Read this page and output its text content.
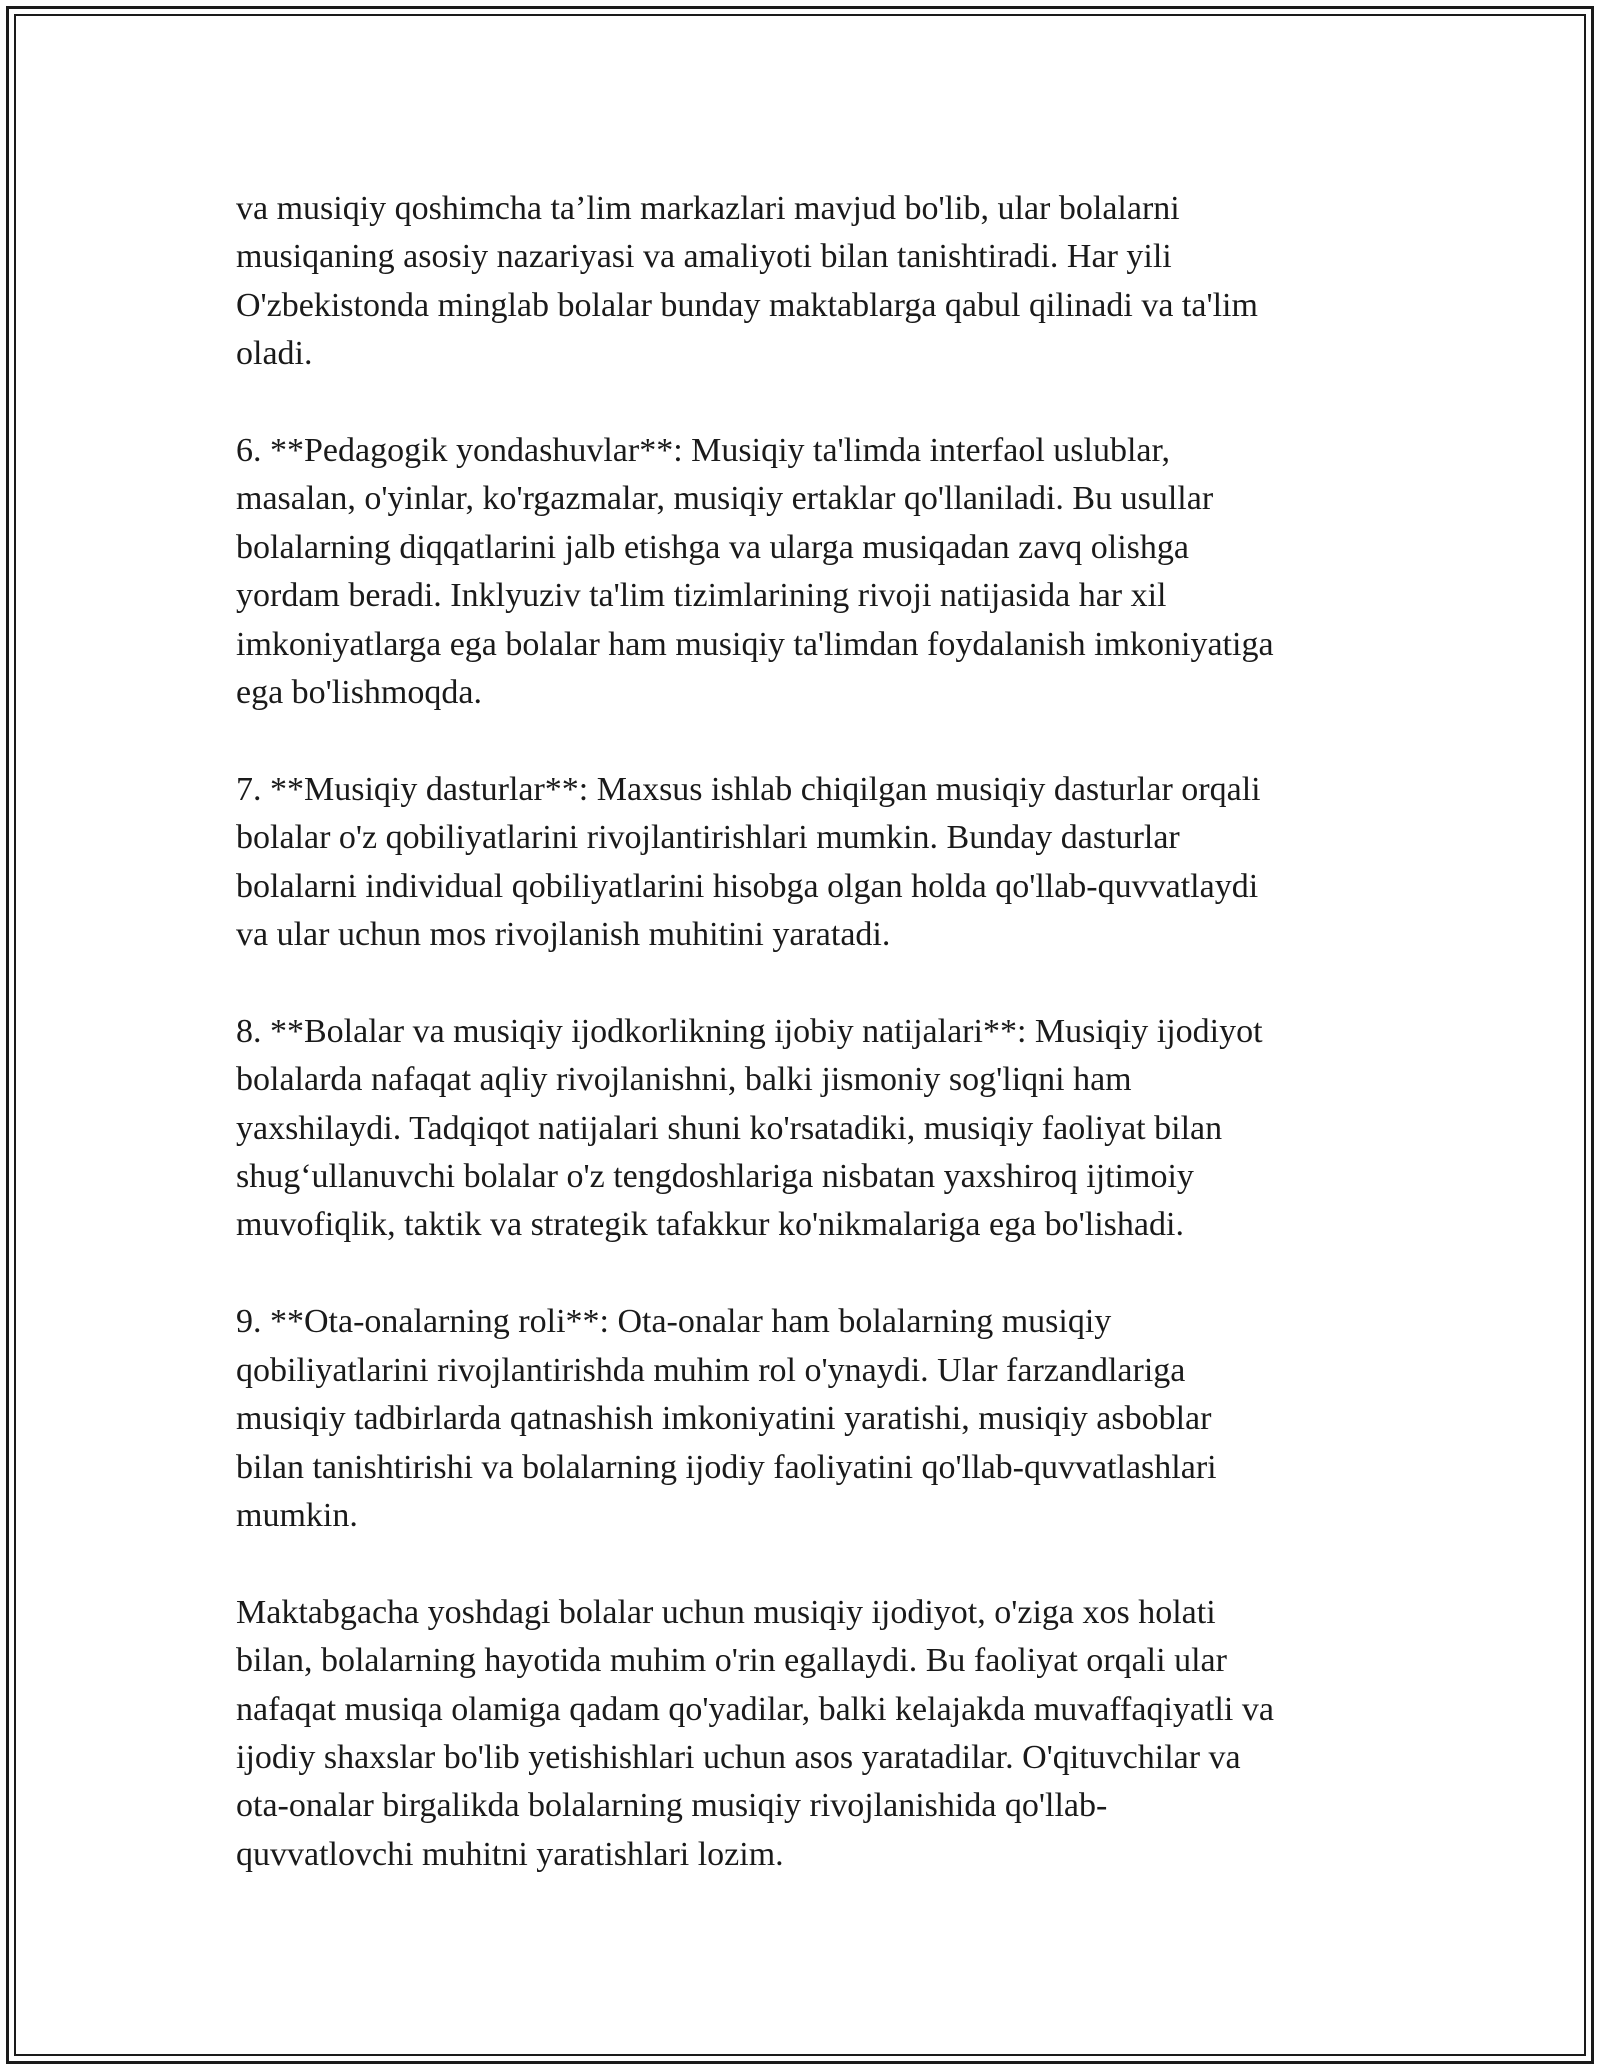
va musiqiy qoshimcha ta’lim markazlari mavjud bo'lib, ular bolalarni
musiqaning asosiy nazariyasi va amaliyoti bilan tanishtiradi. Har yili
O'zbekistonda minglab bolalar bunday maktablarga qabul qilinadi va ta'lim
oladi.

6. **Pedagogik yondashuvlar**: Musiqiy ta'limda interfaol uslublar,
masalan, o'yinlar, ko'rgazmalar, musiqiy ertaklar qo'llaniladi. Bu usullar
bolalarning diqqatlarini jalb etishga va ularga musiqadan zavq olishga
yordam beradi. Inklyuziv ta'lim tizimlarining rivoji natijasida har xil
imkoniyatlarga ega bolalar ham musiqiy ta'limdan foydalanish imkoniyatiga
ega bo'lishmoqda.

7. **Musiqiy dasturlar**: Maxsus ishlab chiqilgan musiqiy dasturlar orqali
bolalar o'z qobiliyatlarini rivojlantirishlari mumkin. Bunday dasturlar
bolalarni individual qobiliyatlarini hisobga olgan holda qo'llab-quvvatlaydi
va ular uchun mos rivojlanish muhitini yaratadi.

8. **Bolalar va musiqiy ijodkorlikning ijobiy natijalari**: Musiqiy ijodiyot
bolalarda nafaqat aqliy rivojlanishni, balki jismoniy sog'liqni ham
yaxshilaydi. Tadqiqot natijalari shuni ko'rsatadiki, musiqiy faoliyat bilan
shug‘ullanuvchi bolalar o'z tengdoshlariga nisbatan yaxshiroq ijtimoiy
muvofiqlik, taktik va strategik tafakkur ko'nikmalariga ega bo'lishadi.

9. **Ota-onalarning roli**: Ota-onalar ham bolalarning musiqiy
qobiliyatlarini rivojlantirishda muhim rol o'ynaydi. Ular farzandlariga
musiqiy tadbirlarda qatnashish imkoniyatini yaratishi, musiqiy asboblar
bilan tanishtirishi va bolalarning ijodiy faoliyatini qo'llab-quvvatlashlari
mumkin.

Maktabgacha yoshdagi bolalar uchun musiqiy ijodiyot, o'ziga xos holati
bilan, bolalarning hayotida muhim o'rin egallaydi. Bu faoliyat orqali ular
nafaqat musiqa olamiga qadam qo'yadilar, balki kelajakda muvaffaqiyatli va
ijodiy shaxslar bo'lib yetishishlari uchun asos yaratadilar. O'qituvchilar va
ota-onalar birgalikda bolalarning musiqiy rivojlanishida qo'llab-
quvvatlovchi muhitni yaratishlari lozim.
